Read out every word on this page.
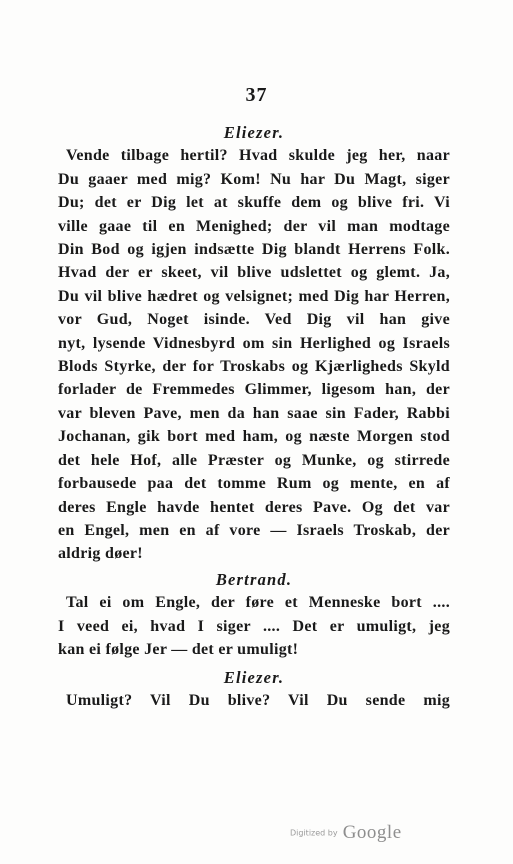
37
Eliezer.
Vende tilbage hertil? Hvad skulde jeg her, naar
Du gaaer med mig? Kom! Nu har Du Magt, siger
Du; det er Dig let at skuffe dem og blive fri. Vi
ville gaae til en Menighed; der vil man modtage
Din Bod og igjen indsætte Dig blandt Herrens Folk.
Hvad der er skeet, vil blive udslettet og glemt. Ja,
Du vil blive hædret og velsignet; med Dig har Herren,
vor Gud, Noget isinde. Ved Dig vil han give
nyt, lysende Vidnesbyrd om sin Herlighed og Israels
Blods Styrke, der for Troskabs og Kjærligheds Skyld
forlader de Fremmedes Glimmer, ligesom han, der
var bleven Pave, men da han saae sin Fader, Rabbi
Jochanan, gik bort med ham, og næste Morgen stod
det hele Hof, alle Præster og Munke, og stirrede
forbausede paa det tomme Rum og mente, en af
deres Engle havde hentet deres Pave. Og det var
en Engel, men en af vore — Israels Troskab, der
aldrig døer!
Bertrand.
Tal ei om Engle, der føre et Menneske bort ....
I veed ei, hvad I siger .... Det er umuligt, jeg
kan ei følge Jer — det er umuligt!
Eliezer.
Umuligt? Vil Du blive? Vil Du sende mig
Digitized by Google
